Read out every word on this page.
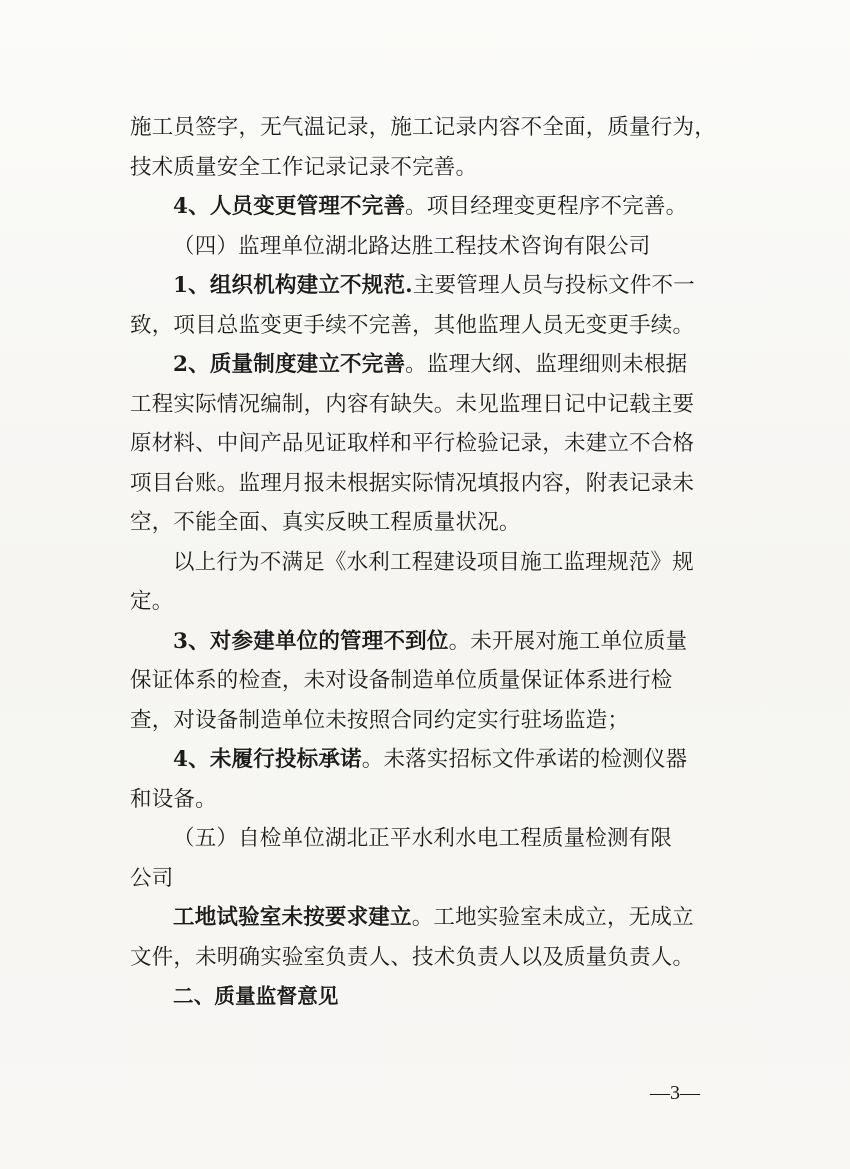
施工员签字，无气温记录，施工记录内容不全面，质量行为，
技术质量安全工作记录记录不完善。
4、人员变更管理不完善。项目经理变更程序不完善。
（四）监理单位湖北路达胜工程技术咨询有限公司
1、组织机构建立不规范.主要管理人员与投标文件不一
致，项目总监变更手续不完善，其他监理人员无变更手续。
2、质量制度建立不完善。监理大纲、监理细则未根据
工程实际情况编制，内容有缺失。未见监理日记中记载主要
原材料、中间产品见证取样和平行检验记录，未建立不合格
项目台账。监理月报未根据实际情况填报内容，附表记录未
空，不能全面、真实反映工程质量状况。
以上行为不满足《水利工程建设项目施工监理规范》规
定。
3、对参建单位的管理不到位。未开展对施工单位质量
保证体系的检查，未对设备制造单位质量保证体系进行检
查，对设备制造单位未按照合同约定实行驻场监造；
4、未履行投标承诺。未落实招标文件承诺的检测仪器
和设备。
（五）自检单位湖北正平水利水电工程质量检测有限
公司
工地试验室未按要求建立。工地实验室未成立，无成立
文件，未明确实验室负责人、技术负责人以及质量负责人。
二、质量监督意见
—3—
